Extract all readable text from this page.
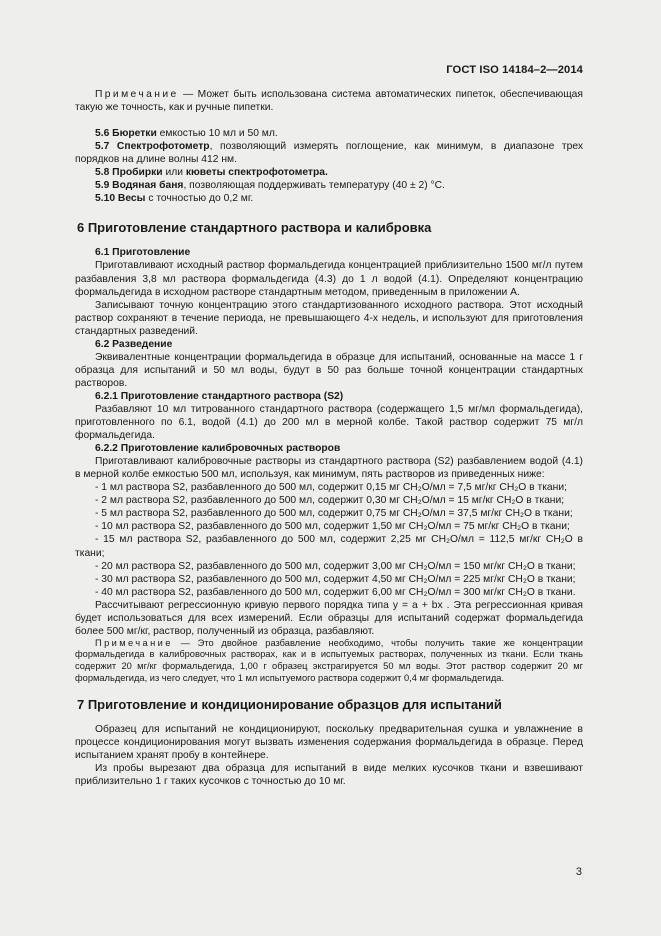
ГОСТ ISO 14184–2—2014

Примечание — Может быть использована система автоматических пипеток, обеспечивающая такую же точность, как и ручные пипетки.

5.6 Бюретки емкостью 10 мл и 50 мл.

5.7 Спектрофотометр, позволяющий измерять поглощение, как минимум, в диапазоне трех порядков на длине волны 412 нм.

5.8 Пробирки или кюветы спектрофотометра.

5.9 Водяная баня, позволяющая поддерживать температуру (40 ± 2) °С.

5.10 Весы с точностью до 0,2 мг.

6 Приготовление стандартного раствора и калибровка

6.1 Приготовление

Приготавливают исходный раствор формальдегида концентрацией приблизительно 1500 мг/л путем разбавления 3,8 мл раствора формальдегида (4.3) до 1 л водой (4.1). Определяют концентрацию формальдегида в исходном растворе стандартным методом, приведенным в приложении А.

Записывают точную концентрацию этого стандартизованного исходного раствора. Этот исходный раствор сохраняют в течение периода, не превышающего 4-х недель, и используют для приготовления стандартных разведений.

6.2 Разведение

Эквивалентные концентрации формальдегида в образце для испытаний, основанные на массе 1 г образца для испытаний и 50 мл воды, будут в 50 раз больше точной концентрации стандартных растворов.

6.2.1 Приготовление стандартного раствора (S2)

Разбавляют 10 мл титрованного стандартного раствора (содержащего 1,5 мг/мл формальдегида), приготовленного по 6.1, водой (4.1) до 200 мл в мерной колбе. Такой раствор содержит 75 мг/л формальдегида.

6.2.2 Приготовление калибровочных растворов

Приготавливают калибровочные растворы из стандартного раствора (S2) разбавлением водой (4.1) в мерной колбе емкостью 500 мл, используя, как минимум, пять растворов из приведенных ниже:

- 1 мл раствора S2, разбавленного до 500 мл, содержит 0,15 мг CH₂O/мл = 7,5 мг/кг CH₂O в ткани;

- 2 мл раствора S2, разбавленного до 500 мл, содержит 0,30 мг CH₂O/мл = 15 мг/кг CH₂O в ткани;

- 5 мл раствора S2, разбавленного до 500 мл, содержит 0,75 мг CH₂O/мл = 37,5 мг/кг CH₂O в ткани;

- 10 мл раствора S2, разбавленного до 500 мл, содержит 1,50 мг CH₂O/мл = 75 мг/кг CH₂O в ткани;

- 15 мл раствора S2, разбавленного до 500 мл, содержит 2,25 мг CH₂O/мл = 112,5 мг/кг CH₂O в ткани;

- 20 мл раствора S2, разбавленного до 500 мл, содержит 3,00 мг CH₂O/мл = 150 мг/кг CH₂O в ткани;

- 30 мл раствора S2, разбавленного до 500 мл, содержит 4,50 мг CH₂O/мл = 225 мг/кг CH₂O в ткани;

- 40 мл раствора S2, разбавленного до 500 мл, содержит 6,00 мг CH₂O/мл = 300 мг/кг CH₂O в ткани.

Рассчитывают регрессионную кривую первого порядка типа y = a + bx . Эта регрессионная кривая будет использоваться для всех измерений. Если образцы для испытаний содержат формальдегида более 500 мг/кг, раствор, полученный из образца, разбавляют.

Примечание — Это двойное разбавление необходимо, чтобы получить такие же концентрации формальдегида в калибровочных растворах, как и в испытуемых растворах, полученных из ткани. Если ткань содержит 20 мг/кг формальдегида, 1,00 г образец экстрагируется 50 мл воды. Этот раствор содержит 20 мг формальдегида, из чего следует, что 1 мл испытуемого раствора содержит 0,4 мг формальдегида.

7 Приготовление и кондиционирование образцов для испытаний

Образец для испытаний не кондиционируют, поскольку предварительная сушка и увлажнение в процессе кондиционирования могут вызвать изменения содержания формальдегида в образце. Перед испытанием хранят пробу в контейнере.

Из пробы вырезают два образца для испытаний в виде мелких кусочков ткани и взвешивают приблизительно 1 г таких кусочков с точностью до 10 мг.

3
